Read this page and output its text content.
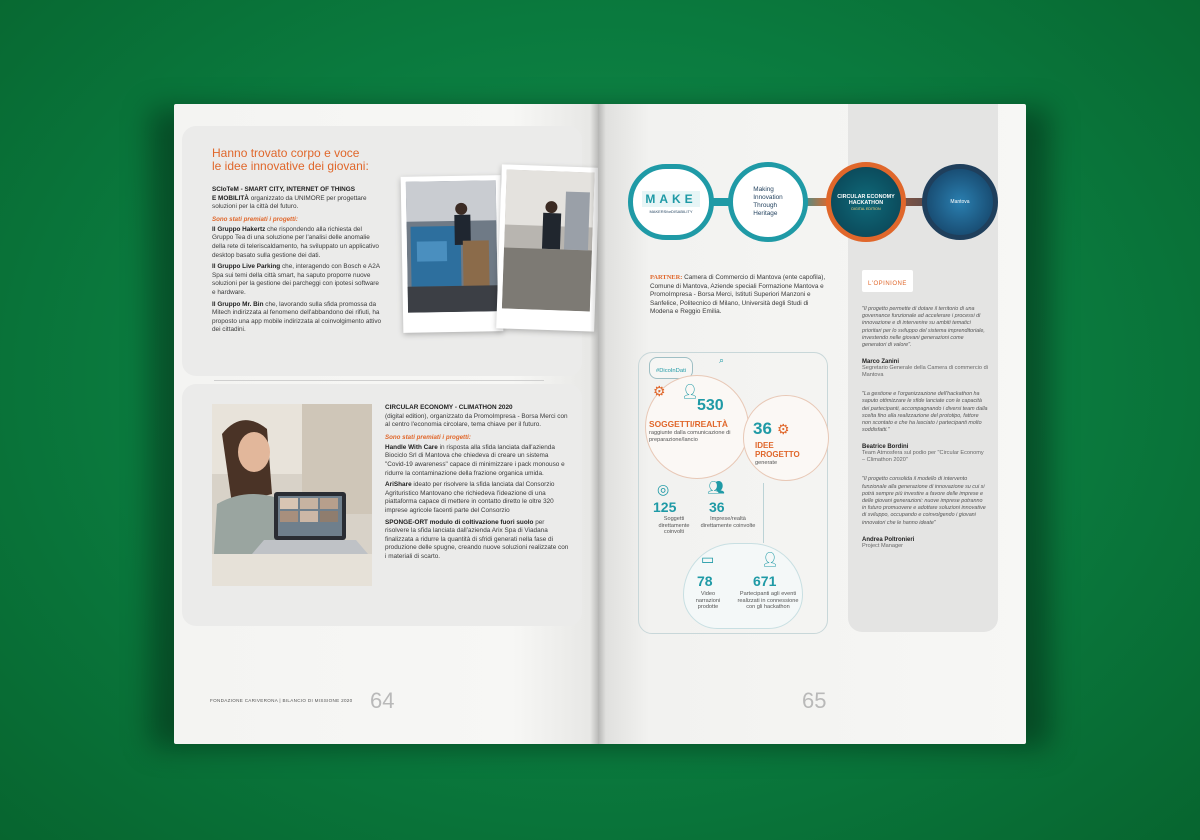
Hanno trovato corpo e voce
le idee innovative dei giovani:
SCIoTeM - SMART CITY, INTERNET OF THINGS
E MOBILITÀ organizzato da UNIMORE per progettare soluzioni per la città del futuro.
Sono stati premiati i progetti:
Il Gruppo Hakertz che rispondendo alla richiesta del Gruppo Tea di una soluzione per l'analisi delle anomalie della rete di teleriscaldamento, ha sviluppato un applicativo desktop basato sulla gestione dei dati.
Il Gruppo Live Parking che, interagendo con Bosch e A2A Spa sui temi della città smart, ha saputo proporre nuove soluzioni per la gestione dei parcheggi con ipotesi software e hardware.
Il Gruppo Mr. Bin che, lavorando sulla sfida promossa da Mitech indirizzata al fenomeno dell'abbandono dei rifiuti, ha proposto una app mobile indirizzata al coinvolgimento attivo dei cittadini.
CIRCULAR ECONOMY - CLIMATHON 2020
(digital edition), organizzato da PromoImpresa - Borsa Merci con al centro l'economia circolare, tema chiave per il futuro.
Sono stati premiati i progetti:
Handle With Care in risposta alla sfida lanciata dall'azienda Biociclo Srl di Mantova che chiedeva di creare un sistema "Covid-19 awareness" capace di minimizzare i pack monouso e ridurre la contaminazione della frazione organica umida.
AriShare ideato per risolvere la sfida lanciata dal Consorzio Agrituristico Mantovano che richiedeva l'ideazione di una piattaforma capace di mettere in contatto diretto le oltre 320 imprese agricole facenti parte del Consorzio
SPONGE-ORT modulo di coltivazione fuori suolo per risolvere la sfida lanciata dall'azienda Arix Spa di Viadana finalizzata a ridurre la quantità di sfridi generati nella fase di produzione delle spugne, creando nuove soluzioni realizzate con i materiali di scarto.
FONDAZIONE CARIVERONA | BILANCIO DI MISSIONE 2020 64
MAKE
MAKERSforDISABILITY
Making
Innovation
Through
Heritage
CIRCULAR ECONOMY
HACKATHON
DIGITAL EDITION
Mantova
PARTNER: Camera di Commercio di Mantova (ente capofila), Comune di Mantova, Aziende speciali Formazione Mantova e PromoImpresa - Borsa Merci, Istituti Superiori Manzoni e Sanfelice, Politecnico di Milano, Università degli Studi di Modena e Reggio Emilia.
#DicoInDati
⌕
⚙ 👤︎
530
SOGGETTI/REALTÀ
raggiunte dalla comunicazione di preparazione/lancio
36 ⚙
IDEE
PROGETTO
generate
◎	👥︎
125
Soggetti direttamente coinvolti
36
Imprese/realtà direttamente coinvolte
▭	👤︎
78
Video narrazioni prodotte
671
Partecipanti agli eventi realizzati in connessione con gli hackathon
L'OPINIONE
"Il progetto permette di dotare il territorio di una governance funzionale ad accelerare i processi di innovazione e di intervenire su ambiti tematici prioritari per lo sviluppo del sistema imprenditoriale, investendo nelle giovani generazioni come generatori di valore".
Marco Zanini
Segretario Generale della Camera di commercio di Mantova
"La gestione e l'organizzazione dell'hackathon ha saputo ottimizzare le sfide lanciate con le capacità dei partecipanti, accompagnando i diversi team dalla scelta fino alla realizzazione del prototipo, fattore non scontato e che ha lasciato i partecipanti molto soddisfatti."
Beatrice Bordini
Team Atmosfera sul podio per "Circular Economy – Climathon 2020"
"Il progetto consolida il modello di intervento funzionale alla generazione di innovazione su cui si potrà sempre più investire a favore delle imprese e delle giovani generazioni: nuove imprese potranno in futuro promuovere e adottare soluzioni innovative di sviluppo, occupando e coinvolgendo i giovani innovatori che le hanno ideate"
Andrea Poltronieri
Project Manager
65
